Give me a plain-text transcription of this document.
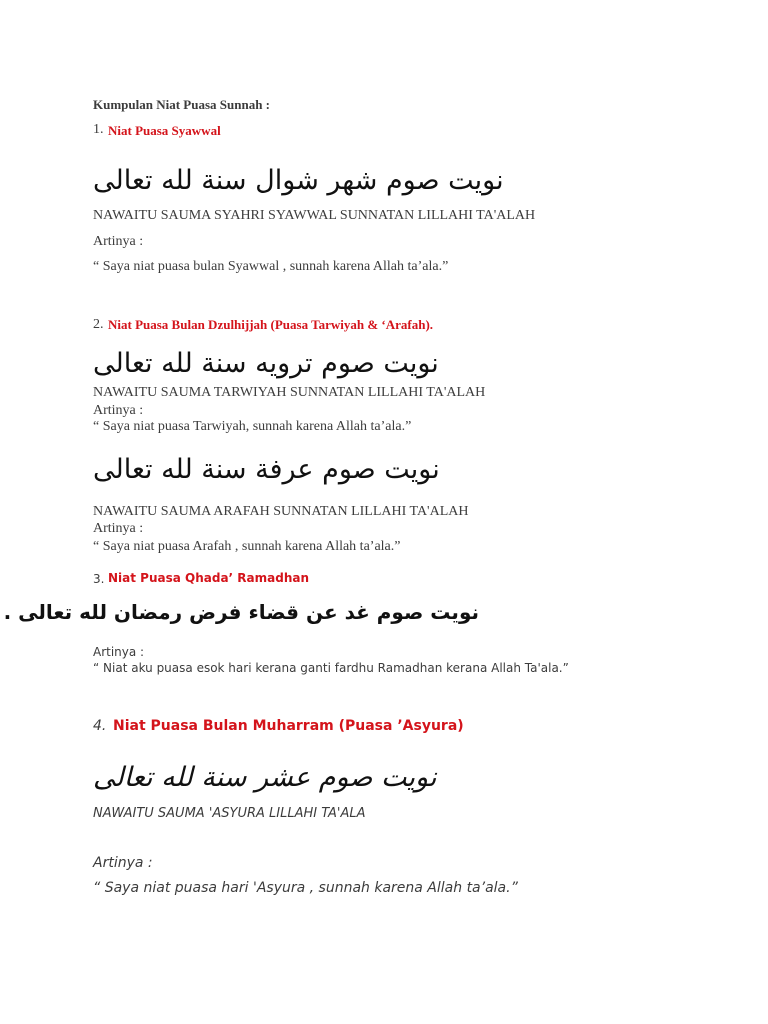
Kumpulan Niat Puasa Sunnah :
1. Niat Puasa Syawwal
نويت صوم شهر شوال سنة لله تعالى
NAWAITU SAUMA SYAHRI SYAWWAL SUNNATAN LILLAHI TA'ALAH
Artinya :
“ Saya niat puasa bulan Syawwal , sunnah karena Allah ta’ala.”
2. Niat Puasa Bulan Dzulhijjah (Puasa Tarwiyah & ‘Arafah).
نويت صوم ترويه سنة لله تعالى
NAWAITU SAUMA TARWIYAH SUNNATAN LILLAHI TA'ALAH
Artinya :
“ Saya niat puasa Tarwiyah, sunnah karena Allah ta’ala.”
نويت صوم عرفة سنة لله تعالى
NAWAITU SAUMA ARAFAH SUNNATAN LILLAHI TA'ALAH
Artinya :
“ Saya niat puasa Arafah , sunnah karena Allah ta’ala.”
3. Niat Puasa Qhada’ Ramadhan
نويت صوم غد عن قضاء فرض رمضان لله تعالى .
Artinya :
“ Niat aku puasa esok hari kerana ganti fardhu Ramadhan kerana Allah Ta'ala.”
4. Niat Puasa Bulan Muharram (Puasa ’Asyura)
نويت صوم عشر سنة لله تعالى
NAWAITU SAUMA 'ASYURA LILLAHI TA'ALA
Artinya :
“ Saya niat puasa hari 'Asyura , sunnah karena Allah ta’ala.”
